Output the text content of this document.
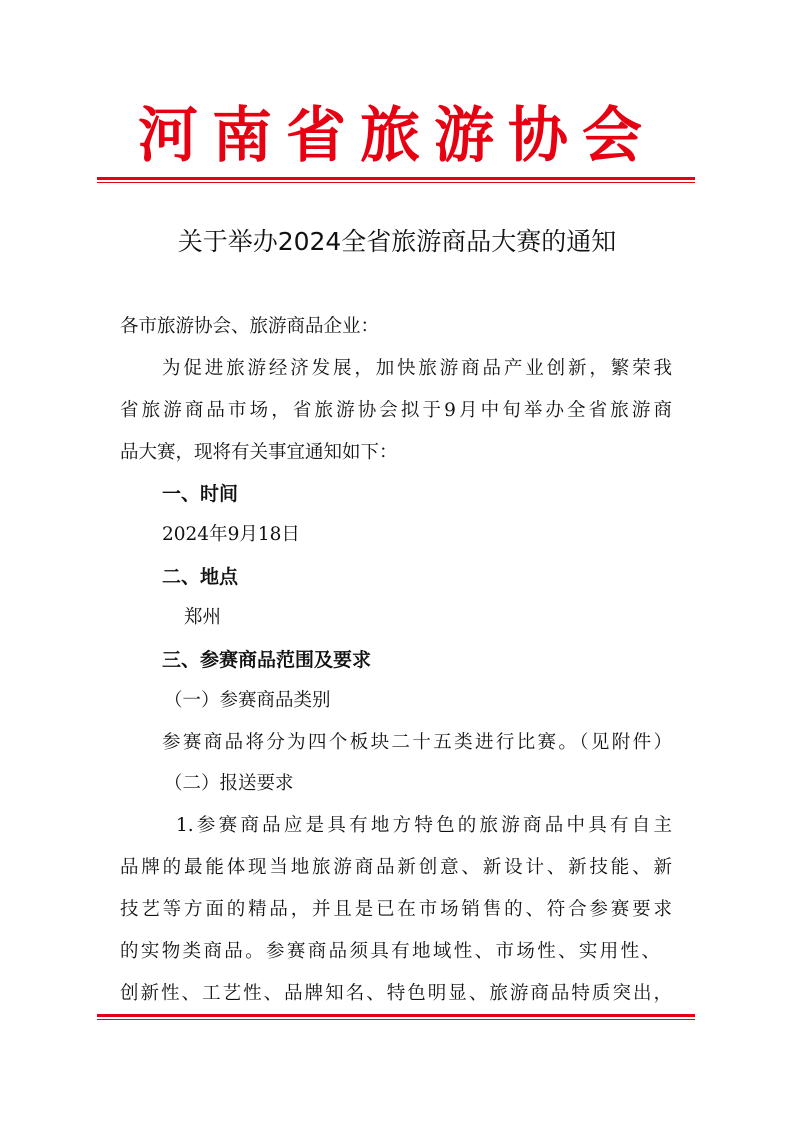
河南省旅游协会
关于举办2024全省旅游商品大赛的通知
各市旅游协会、旅游商品企业：
为促进旅游经济发展，加快旅游商品产业创新，繁荣我
省旅游商品市场，省旅游协会拟于9月中旬举办全省旅游商
品大赛，现将有关事宜通知如下：
一、时间
2024年9月18日
二、地点
郑州
三、参赛商品范围及要求
（一）参赛商品类别
参赛商品将分为四个板块二十五类进行比赛。（见附件）
（二）报送要求
1.参赛商品应是具有地方特色的旅游商品中具有自主
品牌的最能体现当地旅游商品新创意、新设计、新技能、新
技艺等方面的精品，并且是已在市场销售的、符合参赛要求
的实物类商品。参赛商品须具有地域性、市场性、实用性、
创新性、工艺性、品牌知名、特色明显、旅游商品特质突出，
